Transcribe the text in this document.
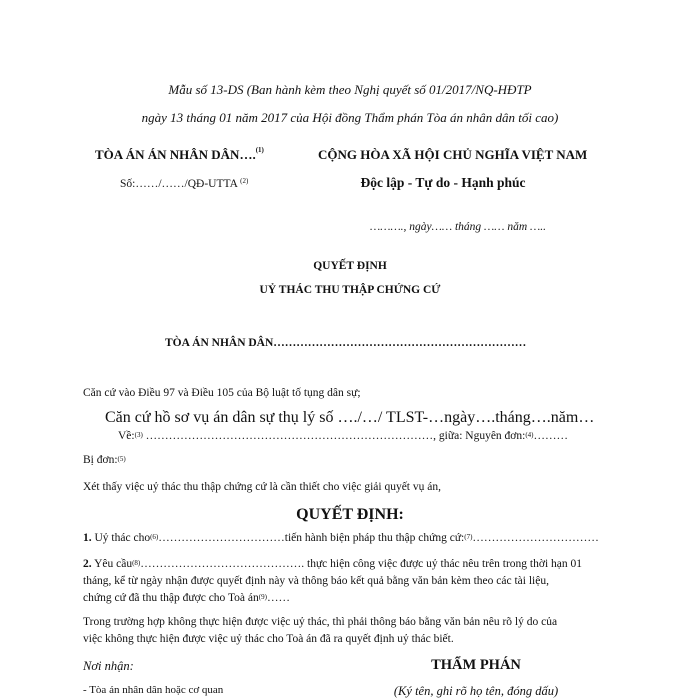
Mẫu số 13-DS (Ban hành kèm theo Nghị quyết số 01/2017/NQ-HĐTP
ngày 13 tháng 01 năm 2017 của Hội đồng Thẩm phán Tòa án nhân dân tối cao)
TÒA ÁN ÁN NHÂN DÂN….$^{(1)}$
Số:……/……/QĐ-UTTA $^{(2)}$
CỘNG HÒA XÃ HỘI CHỦ NGHĨA VIỆT NAM
Độc lập - Tự do - Hạnh phúc
………., ngày…… tháng …… năm …..
QUYẾT ĐỊNH
UỶ THÁC THU THẬP CHỨNG CỨ
TÒA ÁN NHÂN DÂN…………………………………………………………
Căn cứ vào Điều 97 và Điều 105 của Bộ luật tố tụng dân sự;
Căn cứ hồ sơ vụ án dân sự thụ lý số …./…/ TLST-…ngày….tháng….năm…
Về:$^{(3)}$ …………………………………………………………………, giữa: Nguyên đơn:$^{(4)}$………
Bị đơn:$^{(5)}$
Xét thấy việc uỷ thác thu thập chứng cứ là cần thiết cho việc giải quyết vụ án,
QUYẾT ĐỊNH:
1. Uỷ thác cho$^{(6)}$……………………………tiến hành biện pháp thu thập chứng cứ:$^{(7)}$……………………………
2. Yêu cầu$^{(8)}$……………………………………. thực hiện công việc được uỷ thác nêu trên trong thời hạn 01
tháng, kể từ ngày nhận được quyết định này và thông báo kết quả bằng văn bản kèm theo các tài liệu,
chứng cứ đã thu thập được cho Toà $án^{(9)}\dots\dots$
Trong trường hợp không thực hiện được việc uỷ thác, thì phải thông báo bằng văn bản nêu rõ lý do của
việc không thực hiện được việc uỷ thác cho Toà án đã ra quyết định uỷ thác biết.
Nơi nhận:
- Tòa án nhân dân hoặc cơ quan
THẨM PHÁN
(Ký tên, ghi rõ họ tên, đóng dấu)
